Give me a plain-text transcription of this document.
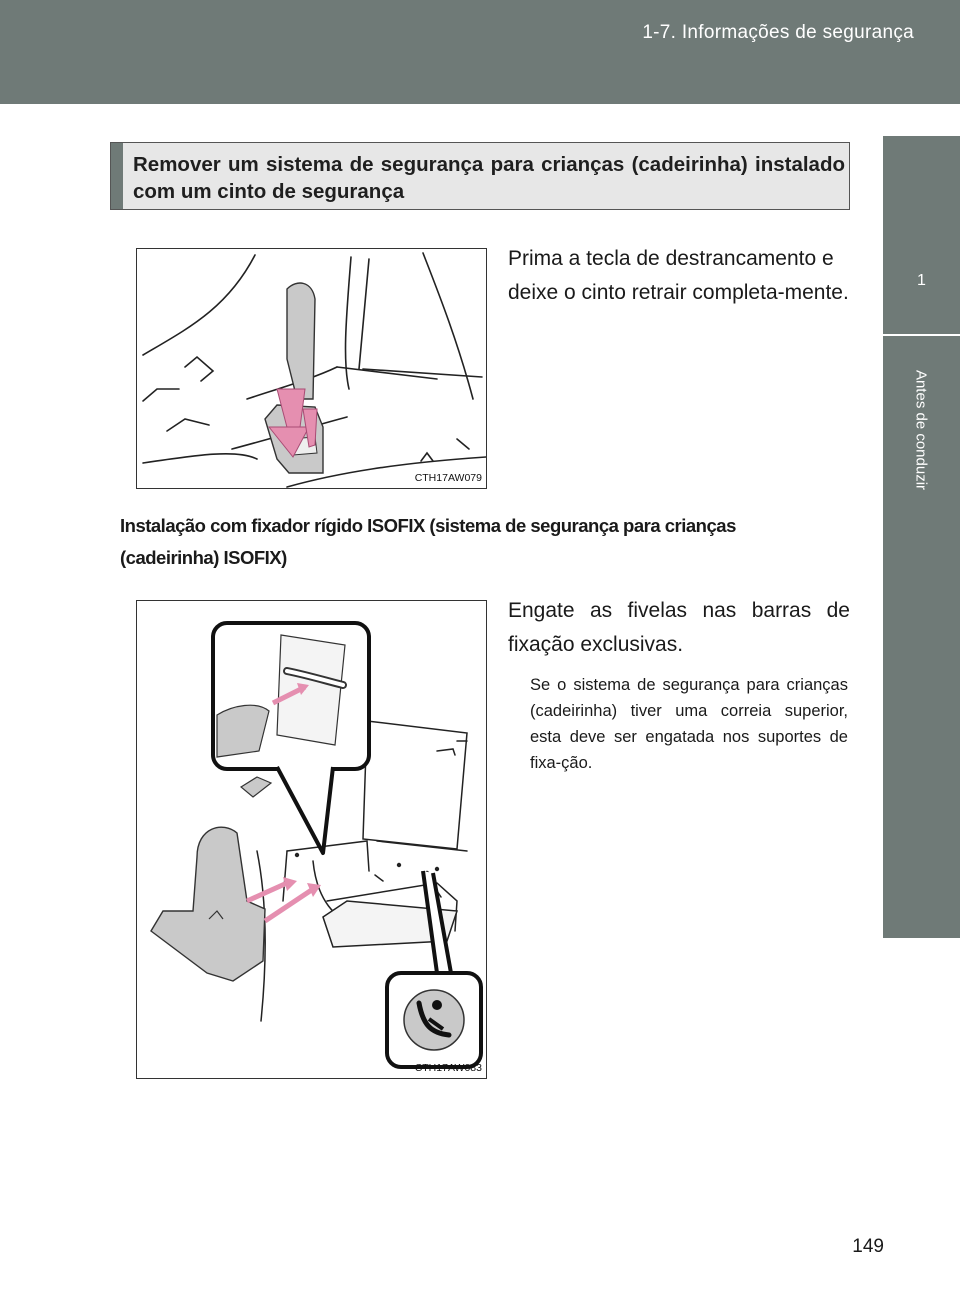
1-7. Informações de segurança
1
Antes de conduzir
Remover um sistema de segurança para crianças (cadeirinha) instalado com um cinto de segurança
CTH17AW079
Prima a tecla de destrancamento e deixe o cinto retrair completa-mente.
Instalação com fixador rígido ISOFIX (sistema de segurança para crianças (cadeirinha) ISOFIX)
CTH17AW083
Engate as fivelas nas barras de fixação exclusivas.
Se o sistema de segurança para crianças (cadeirinha) tiver uma correia superior, esta deve ser engatada nos suportes de fixa-ção.
149
